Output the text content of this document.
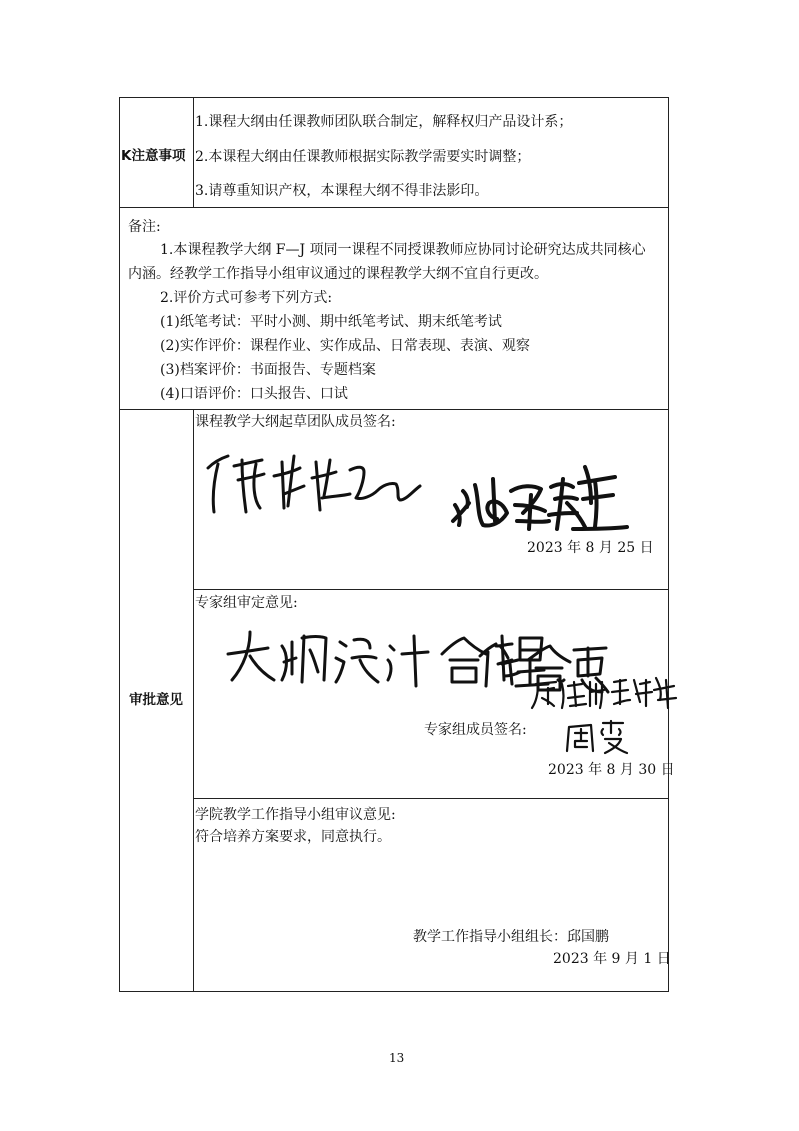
K注意事项
1.课程大纲由任课教师团队联合制定，解释权归产品设计系；
2.本课程大纲由任课教师根据实际教学需要实时调整；
3.请尊重知识产权，本课程大纲不得非法影印。
备注:
1.本课程教学大纲 F—J 项同一课程不同授课教师应协同讨论研究达成共同核心
内涵。经教学工作指导小组审议通过的课程教学大纲不宜自行更改。
2.评价方式可参考下列方式:
(1)纸笔考试：平时小测、期中纸笔考试、期末纸笔考试
(2)实作评价：课程作业、实作成品、日常表现、表演、观察
(3)档案评价：书面报告、专题档案
(4)口语评价：口头报告、口试
审批意见
课程教学大纲起草团队成员签名:
2023 年 8 月 25 日
专家组审定意见:
专家组成员签名:
2023 年 8 月 30 日
学院教学工作指导小组审议意见:
符合培养方案要求，同意执行。
教学工作指导小组组长：邱国鹏
2023 年 9 月 1 日
13
